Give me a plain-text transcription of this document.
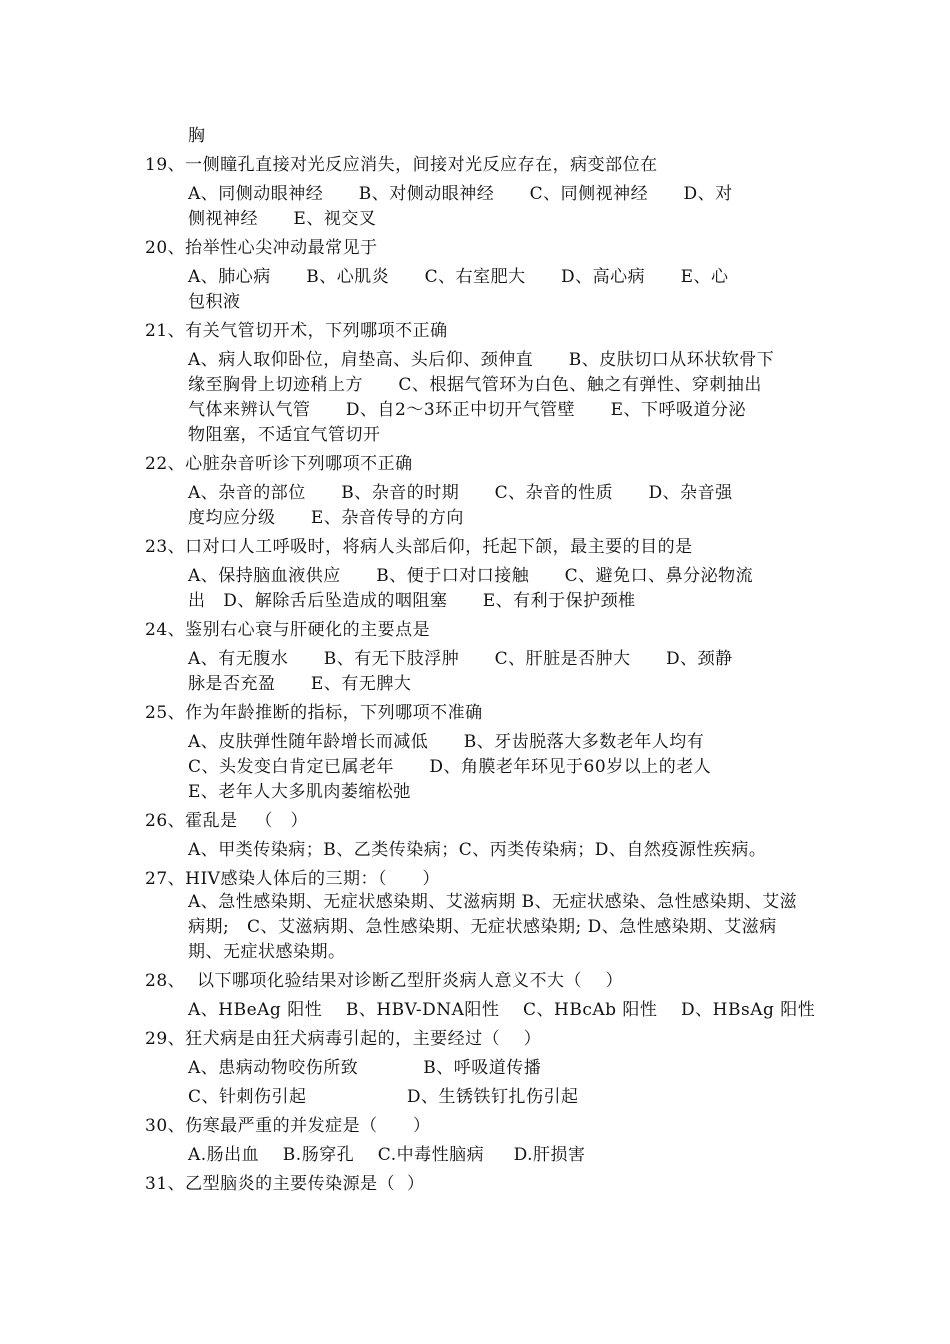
胸
19、一侧瞳孔直接对光反应消失，间接对光反应存在，病变部位在
A、同侧动眼神经      B、对侧动眼神经      C、同侧视神经      D、对
侧视神经      E、视交叉
20、抬举性心尖冲动最常见于
A、肺心病      B、心肌炎      C、右室肥大      D、高心病      E、心
包积液
21、有关气管切开术，下列哪项不正确
A、病人取仰卧位，肩垫高、头后仰、颈伸直      B、皮肤切口从环状软骨下
缘至胸骨上切迹稍上方      C、根据气管环为白色、触之有弹性、穿刺抽出
气体来辨认气管      D、自2～3环正中切开气管壁      E、下呼吸道分泌
物阻塞，不适宜气管切开
22、心脏杂音听诊下列哪项不正确
A、杂音的部位      B、杂音的时期      C、杂音的性质      D、杂音强
度均应分级      E、杂音传导的方向
23、口对口人工呼吸时，将病人头部后仰，托起下颌，最主要的目的是
A、保持脑血液供应      B、便于口对口接触      C、避免口、鼻分泌物流
出   D、解除舌后坠造成的咽阻塞      E、有利于保护颈椎
24、鉴别右心衰与肝硬化的主要点是
A、有无腹水      B、有无下肢浮肿      C、肝脏是否肿大      D、颈静
脉是否充盈      E、有无脾大
25、作为年龄推断的指标，下列哪项不准确
A、皮肤弹性随年龄增长而减低      B、牙齿脱落大多数老年人均有
C、头发变白肯定已属老年      D、角膜老年环见于60岁以上的老人
E、老年人大多肌肉萎缩松弛
26、霍乱是   （   ）
A、甲类传染病；B、乙类传染病；C、丙类传染病；D、自然疫源性疾病。
27、HIV感染人体后的三期：（      ）
A、急性感染期、无症状感染期、艾滋病期 B、无症状感染、急性感染期、艾滋
病期;   C、艾滋病期、急性感染期、无症状感染期; D、急性感染期、艾滋病
期、无症状感染期。
28、  以下哪项化验结果对诊断乙型肝炎病人意义不大（    ）
A、HBeAg 阳性    B、HBV-DNA阳性    C、HBcAb 阳性    D、HBsAg 阳性
29、狂犬病是由狂犬病毒引起的，主要经过（    ）
A、患病动物咬伤所致           B、呼吸道传播
C、针刺伤引起                 D、生锈铁钉扎伤引起
30、伤寒最严重的并发症是（      ）
A.肠出血    B.肠穿孔    C.中毒性脑病     D.肝损害
31、乙型脑炎的主要传染源是（  ）
